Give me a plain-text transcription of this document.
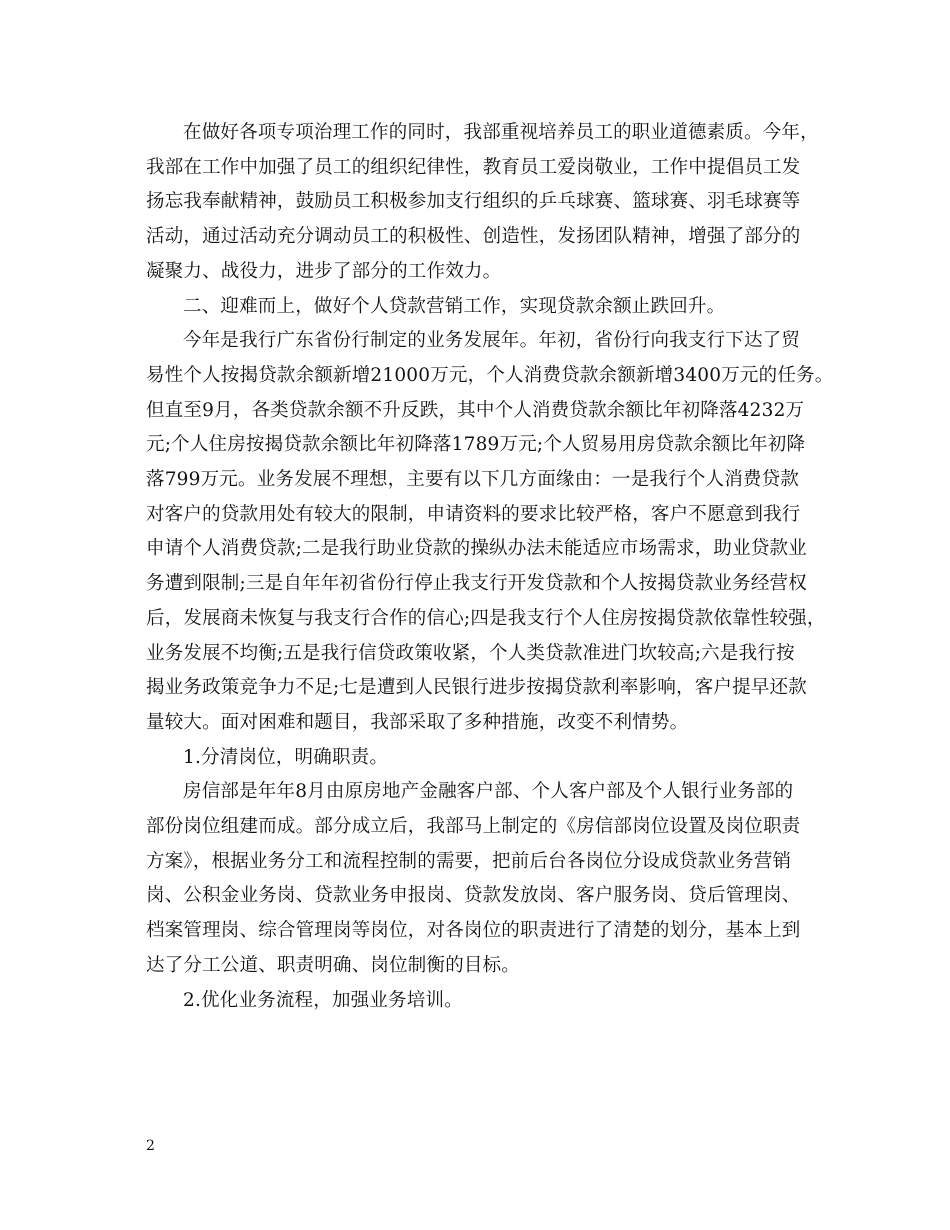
在做好各项专项治理工作的同时，我部重视培养员工的职业道德素质。今年，
我部在工作中加强了员工的组织纪律性，教育员工爱岗敬业，工作中提倡员工发
扬忘我奉献精神，鼓励员工积极参加支行组织的乒乓球赛、篮球赛、羽毛球赛等
活动，通过活动充分调动员工的积极性、创造性，发扬团队精神，增强了部分的
凝聚力、战役力，进步了部分的工作效力。

二、迎难而上，做好个人贷款营销工作，实现贷款余额止跌回升。

今年是我行广东省份行制定的业务发展年。年初，省份行向我支行下达了贸
易性个人按揭贷款余额新增21000万元，个人消费贷款余额新增3400万元的任务。
但直至9月，各类贷款余额不升反跌，其中个人消费贷款余额比年初降落4232万
元;个人住房按揭贷款余额比年初降落1789万元;个人贸易用房贷款余额比年初降
落799万元。业务发展不理想，主要有以下几方面缘由：一是我行个人消费贷款
对客户的贷款用处有较大的限制，申请资料的要求比较严格，客户不愿意到我行
申请个人消费贷款;二是我行助业贷款的操纵办法未能适应市场需求，助业贷款业
务遭到限制;三是自年年初省份行停止我支行开发贷款和个人按揭贷款业务经营权
后，发展商未恢复与我支行合作的信心;四是我支行个人住房按揭贷款依靠性较强，
业务发展不均衡;五是我行信贷政策收紧，个人类贷款准进门坎较高;六是我行按
揭业务政策竞争力不足;七是遭到人民银行进步按揭贷款利率影响，客户提早还款
量较大。面对困难和题目，我部采取了多种措施，改变不利情势。

1.分清岗位，明确职责。

房信部是年年8月由原房地产金融客户部、个人客户部及个人银行业务部的
部份岗位组建而成。部分成立后，我部马上制定的《房信部岗位设置及岗位职责
方案》，根据业务分工和流程控制的需要，把前后台各岗位分设成贷款业务营销
岗、公积金业务岗、贷款业务申报岗、贷款发放岗、客户服务岗、贷后管理岗、
档案管理岗、综合管理岗等岗位，对各岗位的职责进行了清楚的划分，基本上到
达了分工公道、职责明确、岗位制衡的目标。

2.优化业务流程，加强业务培训。

2
